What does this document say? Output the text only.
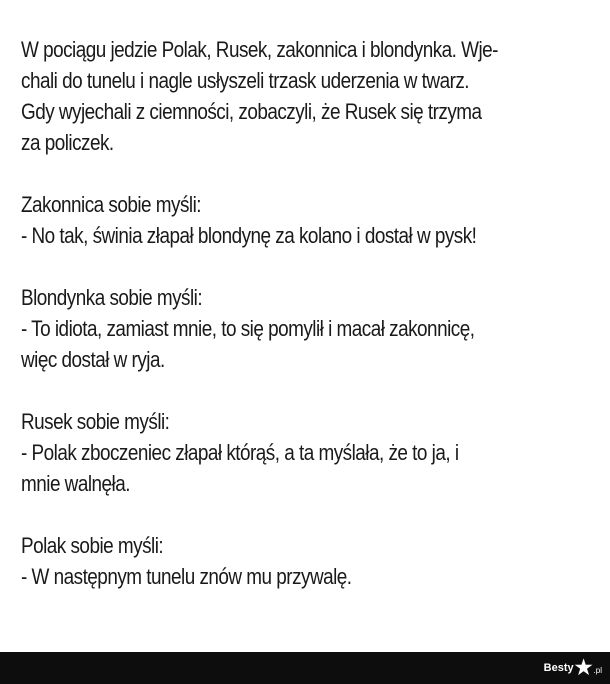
W pociągu jedzie Polak, Rusek, zakonnica i blondynka. Wje-
chali do tunelu i nagle usłyszeli trzask uderzenia w twarz.
Gdy wyjechali z ciemności, zobaczyli, że Rusek się trzyma
za policzek.

Zakonnica sobie myśli:
- No tak, świnia złapał blondynę za kolano i dostał w pysk!

Blondynka sobie myśli:
- To idiota, zamiast mnie, to się pomylił i macał zakonnicę,
więc dostał w ryja.

Rusek sobie myśli:
- Polak zboczeniec złapał którąś, a ta myślała, że to ja, i
mnie walnęła.

Polak sobie myśli:
- W następnym tunelu znów mu przywalę.

Besty ★ .pl
